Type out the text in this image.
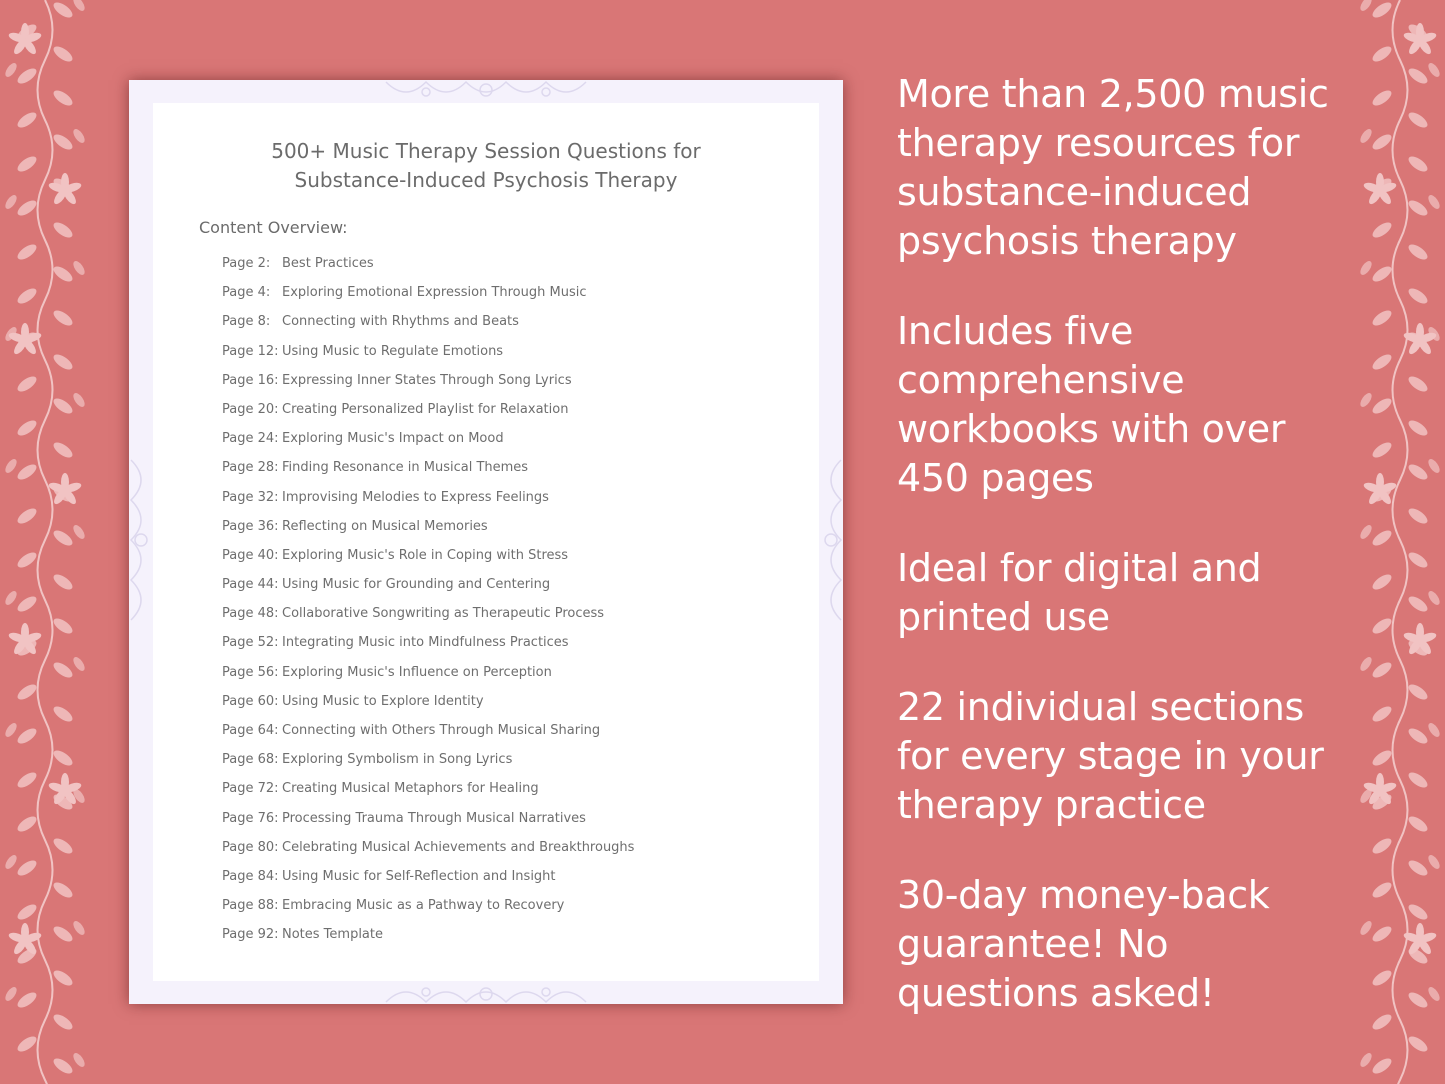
500+ Music Therapy Session Questions for
Substance-Induced Psychosis Therapy

Content Overview:

Page 2: Best Practices
Page 4: Exploring Emotional Expression Through Music
Page 8: Connecting with Rhythms and Beats
Page 12: Using Music to Regulate Emotions
Page 16: Expressing Inner States Through Song Lyrics
Page 20: Creating Personalized Playlist for Relaxation
Page 24: Exploring Music's Impact on Mood
Page 28: Finding Resonance in Musical Themes
Page 32: Improvising Melodies to Express Feelings
Page 36: Reflecting on Musical Memories
Page 40: Exploring Music's Role in Coping with Stress
Page 44: Using Music for Grounding and Centering
Page 48: Collaborative Songwriting as Therapeutic Process
Page 52: Integrating Music into Mindfulness Practices
Page 56: Exploring Music's Influence on Perception
Page 60: Using Music to Explore Identity
Page 64: Connecting with Others Through Musical Sharing
Page 68: Exploring Symbolism in Song Lyrics
Page 72: Creating Musical Metaphors for Healing
Page 76: Processing Trauma Through Musical Narratives
Page 80: Celebrating Musical Achievements and Breakthroughs
Page 84: Using Music for Self-Reflection and Insight
Page 88: Embracing Music as a Pathway to Recovery
Page 92: Notes Template
More than 2,500 music therapy resources for substance-induced psychosis therapy
Includes five comprehensive workbooks with over 450 pages
Ideal for digital and printed use
22 individual sections for every stage in your therapy practice
30-day money-back guarantee! No questions asked!
